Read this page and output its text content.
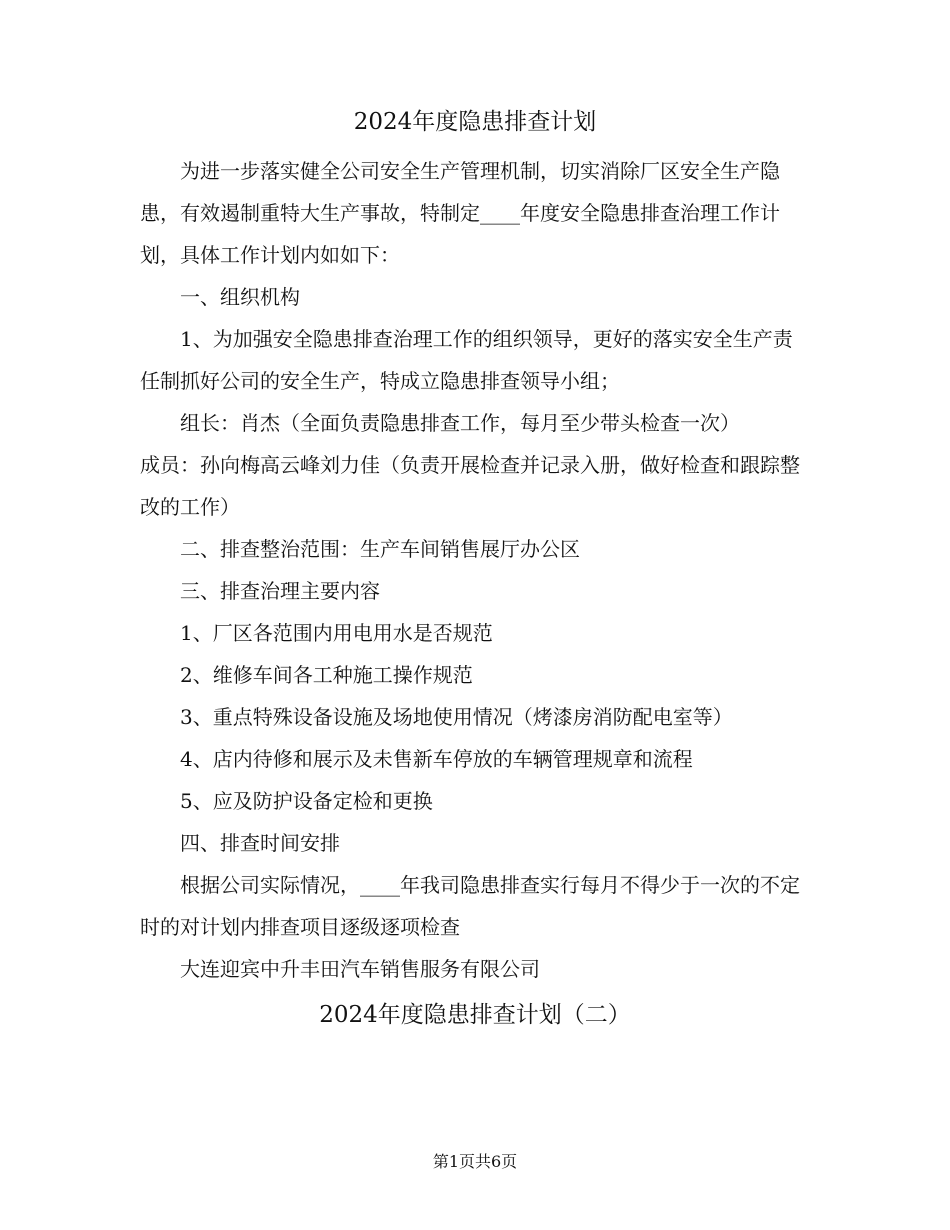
2024年度隐患排查计划

为进一步落实健全公司安全生产管理机制，切实消除厂区安全生产隐患，有效遏制重特大生产事故，特制定____年度安全隐患排查治理工作计划，具体工作计划内如如下：

一、组织机构

1、为加强安全隐患排查治理工作的组织领导，更好的落实安全生产责任制抓好公司的安全生产，特成立隐患排查领导小组；

组长：肖杰（全面负责隐患排查工作，每月至少带头检查一次）

成员：孙向梅高云峰刘力佳（负责开展检查并记录入册，做好检查和跟踪整改的工作）

二、排查整治范围：生产车间销售展厅办公区

三、排查治理主要内容

1、厂区各范围内用电用水是否规范

2、维修车间各工种施工操作规范

3、重点特殊设备设施及场地使用情况（烤漆房消防配电室等）

4、店内待修和展示及未售新车停放的车辆管理规章和流程

5、应及防护设备定检和更换

四、排查时间安排

根据公司实际情况，____年我司隐患排查实行每月不得少于一次的不定时的对计划内排查项目逐级逐项检查

大连迎宾中升丰田汽车销售服务有限公司

2024年度隐患排查计划（二）
第1页共6页
